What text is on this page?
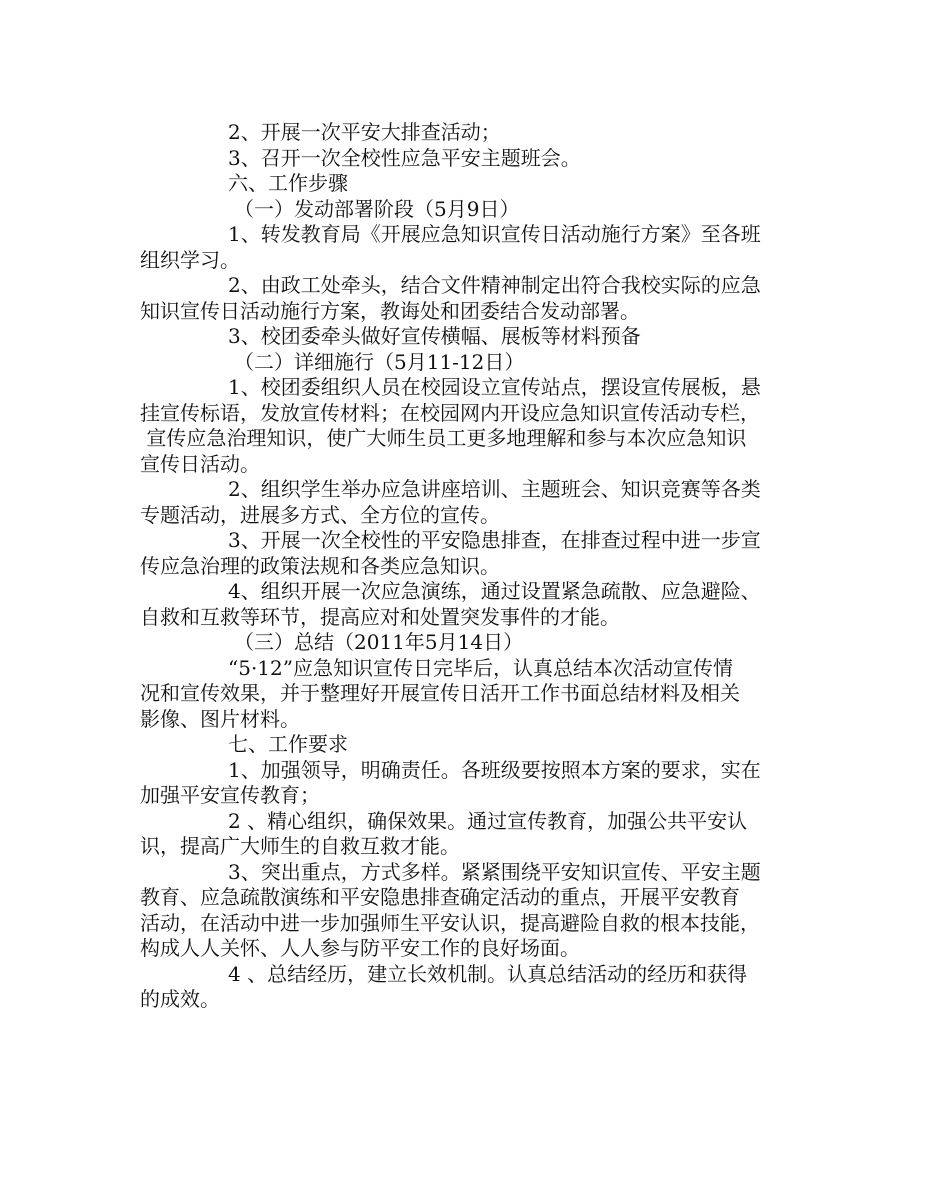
2、开展一次平安大排查活动；
3、召开一次全校性应急平安主题班会。
六、工作步骤
（一）发动部署阶段（5月9日）
1、转发教育局《开展应急知识宣传日活动施行方案》至各班
组织学习。
2、由政工处牵头，结合文件精神制定出符合我校实际的应急
知识宣传日活动施行方案，教诲处和团委结合发动部署。
3、校团委牵头做好宣传横幅、展板等材料预备
（二）详细施行（5月11-12日）
1、校团委组织人员在校园设立宣传站点，摆设宣传展板，悬
挂宣传标语，发放宣传材料；在校园网内开设应急知识宣传活动专栏，
宣传应急治理知识，使广大师生员工更多地理解和参与本次应急知识
宣传日活动。
2、组织学生举办应急讲座培训、主题班会、知识竞赛等各类
专题活动，进展多方式、全方位的宣传。
3、开展一次全校性的平安隐患排查，在排查过程中进一步宣
传应急治理的政策法规和各类应急知识。
4、组织开展一次应急演练，通过设置紧急疏散、应急避险、
自救和互救等环节，提高应对和处置突发事件的才能。
（三）总结（2011年5月14日）
“5·12”应急知识宣传日完毕后，认真总结本次活动宣传情
况和宣传效果，并于整理好开展宣传日活开工作书面总结材料及相关
影像、图片材料。
七、工作要求
1、加强领导，明确责任。各班级要按照本方案的要求，实在
加强平安宣传教育；
2 、精心组织，确保效果。通过宣传教育，加强公共平安认
识，提高广大师生的自救互救才能。
3、突出重点，方式多样。紧紧围绕平安知识宣传、平安主题
教育、应急疏散演练和平安隐患排查确定活动的重点，开展平安教育
活动，在活动中进一步加强师生平安认识，提高避险自救的根本技能，
构成人人关怀、人人参与防平安工作的良好场面。
4 、总结经历，建立长效机制。认真总结活动的经历和获得
的成效。
